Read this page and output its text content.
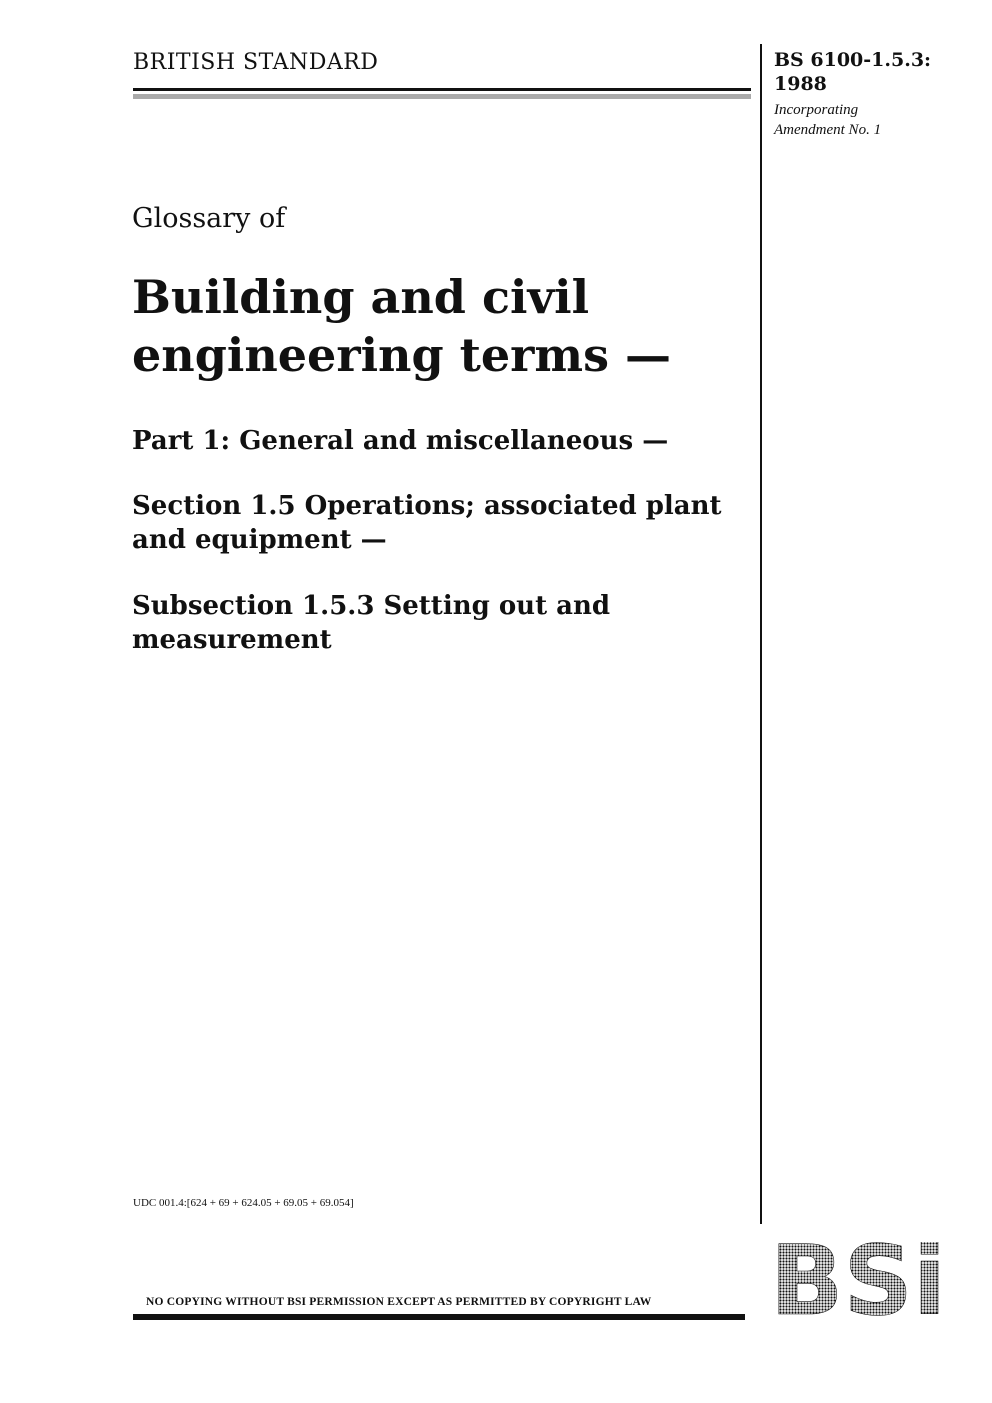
BRITISH STANDARD	BS 6100-1.5.3:
1988
Incorporating
Amendment No. 1
Glossary of
Building and civil
engineering terms —
Part 1: General and miscellaneous —
Section 1.5 Operations; associated plant
and equipment —
Subsection 1.5.3 Setting out and
measurement
UDC 001.4:[624 + 69 + 624.05 + 69.05 + 69.054]
NO COPYING WITHOUT BSI PERMISSION EXCEPT AS PERMITTED BY COPYRIGHT LAW BSi
